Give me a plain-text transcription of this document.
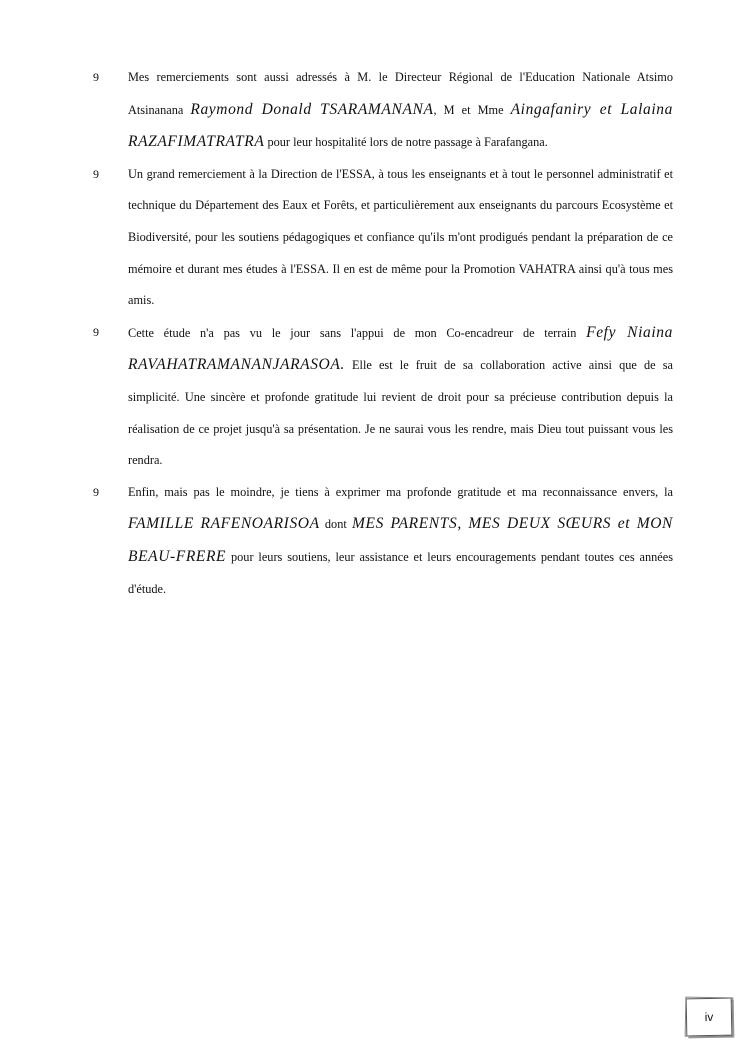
9 Mes remerciements sont aussi adressés à M. le Directeur Régional de l'Education Nationale Atsimo Atsinanana Raymond Donald TSARAMANANA, M et Mme Aingafaniry et Lalaina RAZAFIMATRATRA pour leur hospitalité lors de notre passage à Farafangana.
9 Un grand remerciement à la Direction de l'ESSA, à tous les enseignants et à tout le personnel administratif et technique du Département des Eaux et Forêts, et particulièrement aux enseignants du parcours Ecosystème et Biodiversité, pour les soutiens pédagogiques et confiance qu'ils m'ont prodigués pendant la préparation de ce mémoire et durant mes études à l'ESSA. Il en est de même pour la Promotion VAHATRA ainsi qu'à tous mes amis.
9 Cette étude n'a pas vu le jour sans l'appui de mon Co-encadreur de terrain Fefy Niaina RAVAHATRAMANANJARASOA. Elle est le fruit de sa collaboration active ainsi que de sa simplicité. Une sincère et profonde gratitude lui revient de droit pour sa précieuse contribution depuis la réalisation de ce projet jusqu'à sa présentation. Je ne saurai vous les rendre, mais Dieu tout puissant vous les rendra.
9 Enfin, mais pas le moindre, je tiens à exprimer ma profonde gratitude et ma reconnaissance envers, la FAMILLE RAFENOARISOA dont MES PARENTS, MES DEUX SŒURS et MON BEAU-FRERE pour leurs soutiens, leur assistance et leurs encouragements pendant toutes ces années d'étude.
iv
